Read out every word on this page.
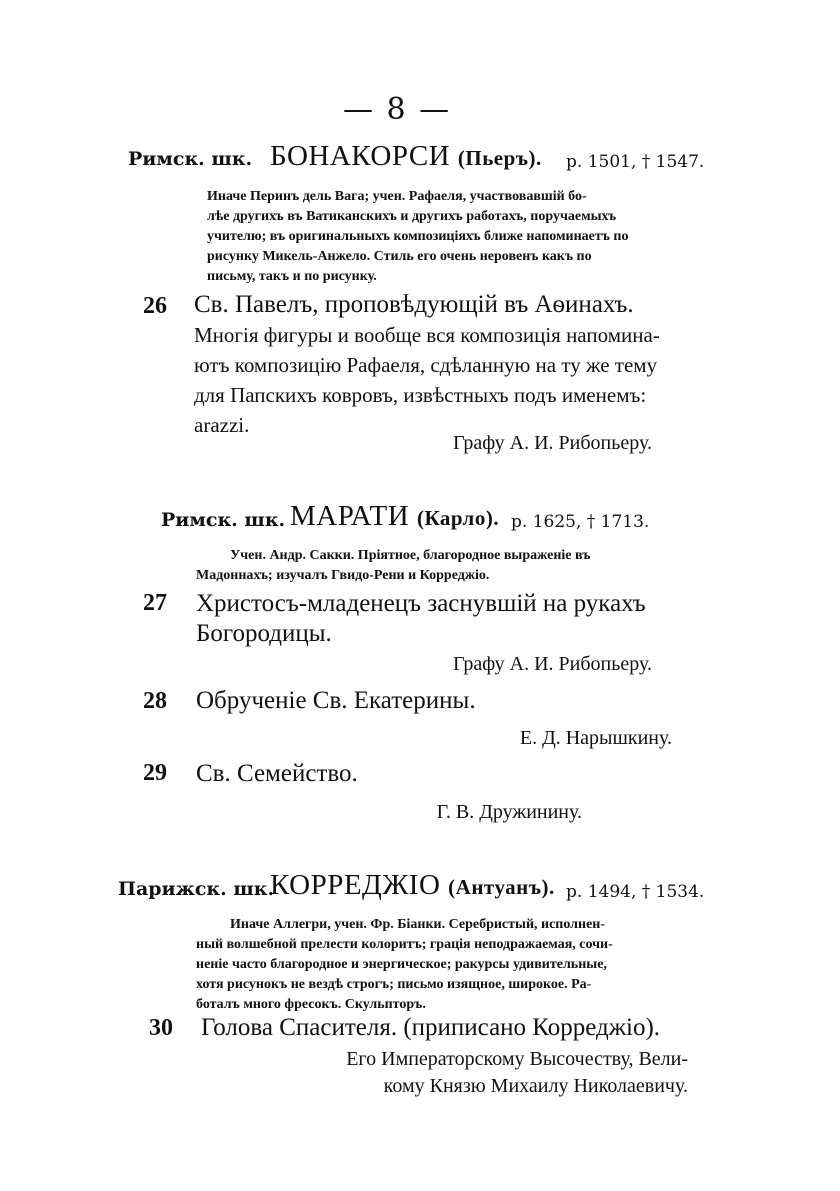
— 8 —
Римск. шк. БОНАКОРСИ (Пьеръ). р. 1501, † 1547.
Иначе Перинъ дель Вага; учен. Рафаеля, участвовавшій бо-
лѣе другихъ въ Ватиканскихъ и другихъ работахъ, поручаемыхъ
учителю; въ оригинальныхъ композиціяхъ ближе напоминаетъ по
рисунку Микель-Анжело. Стиль его очень неровенъ какъ по
письму, такъ и по рисунку.
26 Св. Павелъ, проповѣдующій въ Аѳинахъ.
Многія фигуры и вообще вся композиція напомина-
ютъ композицію Рафаеля, сдѣланную на ту же тему
для Папскихъ ковровъ, извѣстныхъ подъ именемъ:
arazzi.
Графу А. И. Рибопьеру.
Римск. шк. МАРАТИ (Карло). р. 1625, † 1713.
Учен. Андр. Сакки. Пріятное, благородное выраженіе въ
Мадоннахъ; изучалъ Гвидо-Рени и Корреджіо.
27 Христосъ-младенецъ заснувшій на рукахъ
Богородицы.
Графу А. И. Рибопьеру.
28 Обрученіе Св. Екатерины.
Е. Д. Нарышкину.
29 Св. Семейство.
Г. В. Дружинину.
Парижск. шк.
КОРРЕДЖІО (Антуанъ). р. 1494, † 1534.
Иначе Аллегри, учен. Фр. Біанки. Серебристый, исполнен-
ный волшебной прелести колоритъ; грація неподражаемая, сочи-
неніе часто благородное и энергическое; ракурсы удивительные,
хотя рисунокъ не вездѣ строгъ; письмо изящное, широкое. Ра-
боталъ много фресокъ. Скульпторъ.
30 Голова Спасителя. (приписано Корреджіо).
Его Императорскому Высочеству, Вели-
кому Князю Михаилу Николаевичу.
